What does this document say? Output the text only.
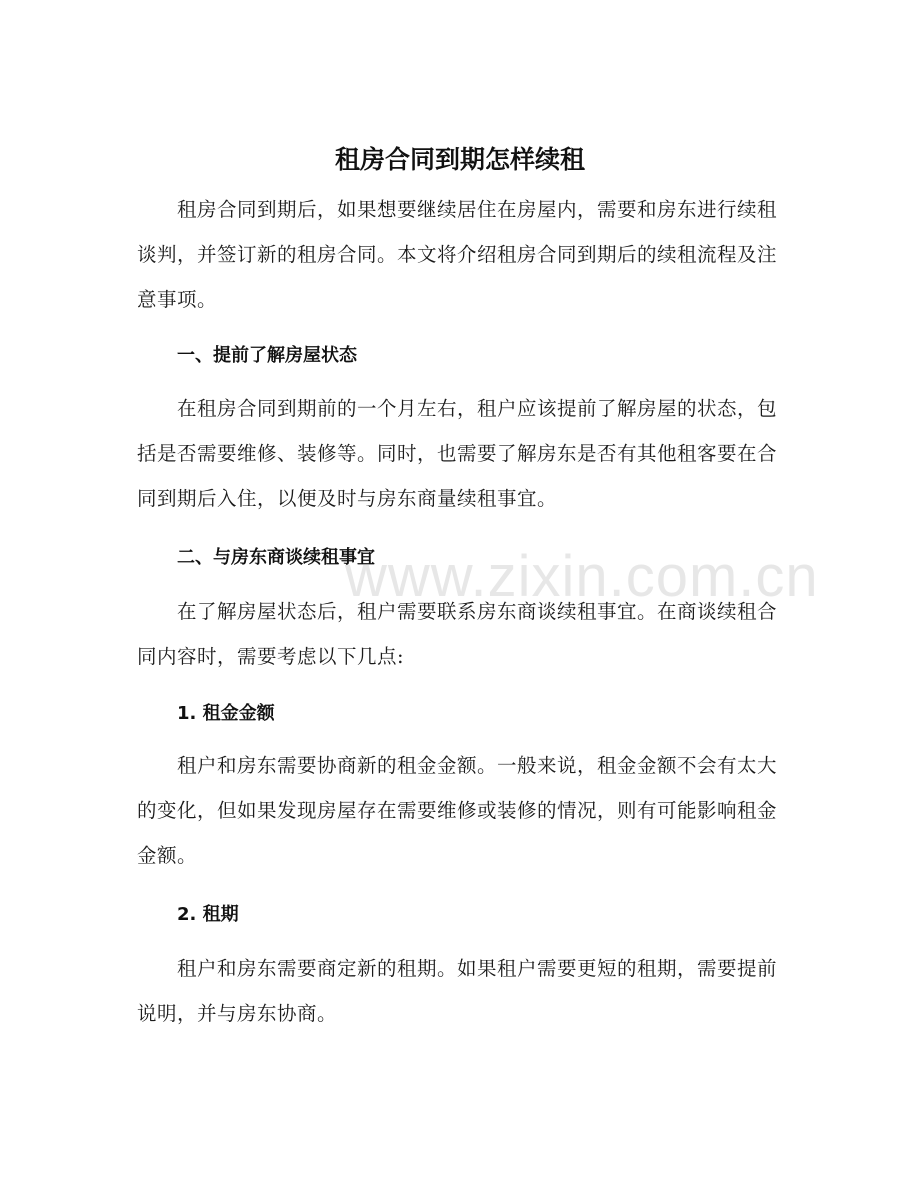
租房合同到期怎样续租

租房合同到期后，如果想要继续居住在房屋内，需要和房东进行续租谈判，并签订新的租房合同。本文将介绍租房合同到期后的续租流程及注意事项。

一、提前了解房屋状态

在租房合同到期前的一个月左右，租户应该提前了解房屋的状态，包括是否需要维修、装修等。同时，也需要了解房东是否有其他租客要在合同到期后入住，以便及时与房东商量续租事宜。

二、与房东商谈续租事宜

在了解房屋状态后，租户需要联系房东商谈续租事宜。在商谈续租合同内容时，需要考虑以下几点:

1. 租金金额

租户和房东需要协商新的租金金额。一般来说，租金金额不会有太大的变化，但如果发现房屋存在需要维修或装修的情况，则有可能影响租金金额。

2. 租期

租户和房东需要商定新的租期。如果租户需要更短的租期，需要提前说明，并与房东协商。

www.zixin.com.cn
